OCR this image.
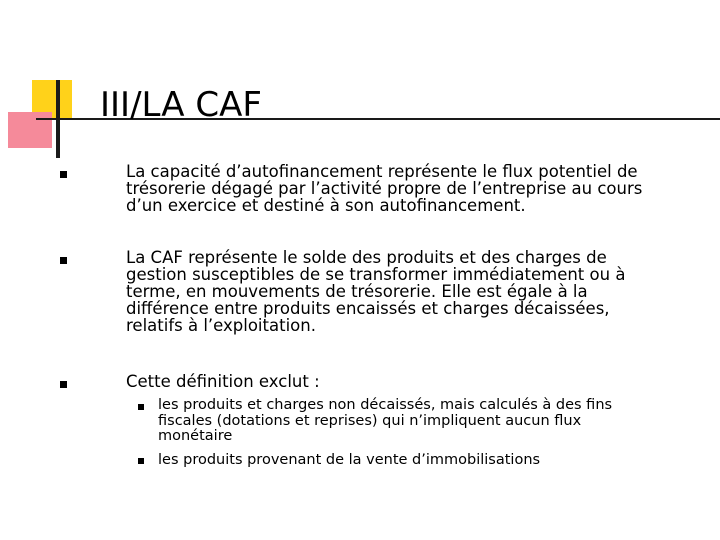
III/LA CAF
La capacité d’autofinancement représente le flux potentiel de
trésorerie dégagé par l’activité propre de l’entreprise au cours
d’un exercice et destiné à son autofinancement.
La CAF représente le solde des produits et des charges de
gestion susceptibles de se transformer immédiatement ou à
terme, en mouvements de trésorerie. Elle est égale à la
différence entre produits encaissés et charges décaissées,
relatifs à l’exploitation.
Cette définition exclut :
les produits et charges non décaissés, mais calculés à des fins
fiscales (dotations et reprises) qui n’impliquent aucun flux
monétaire
les produits provenant de la vente d’immobilisations
